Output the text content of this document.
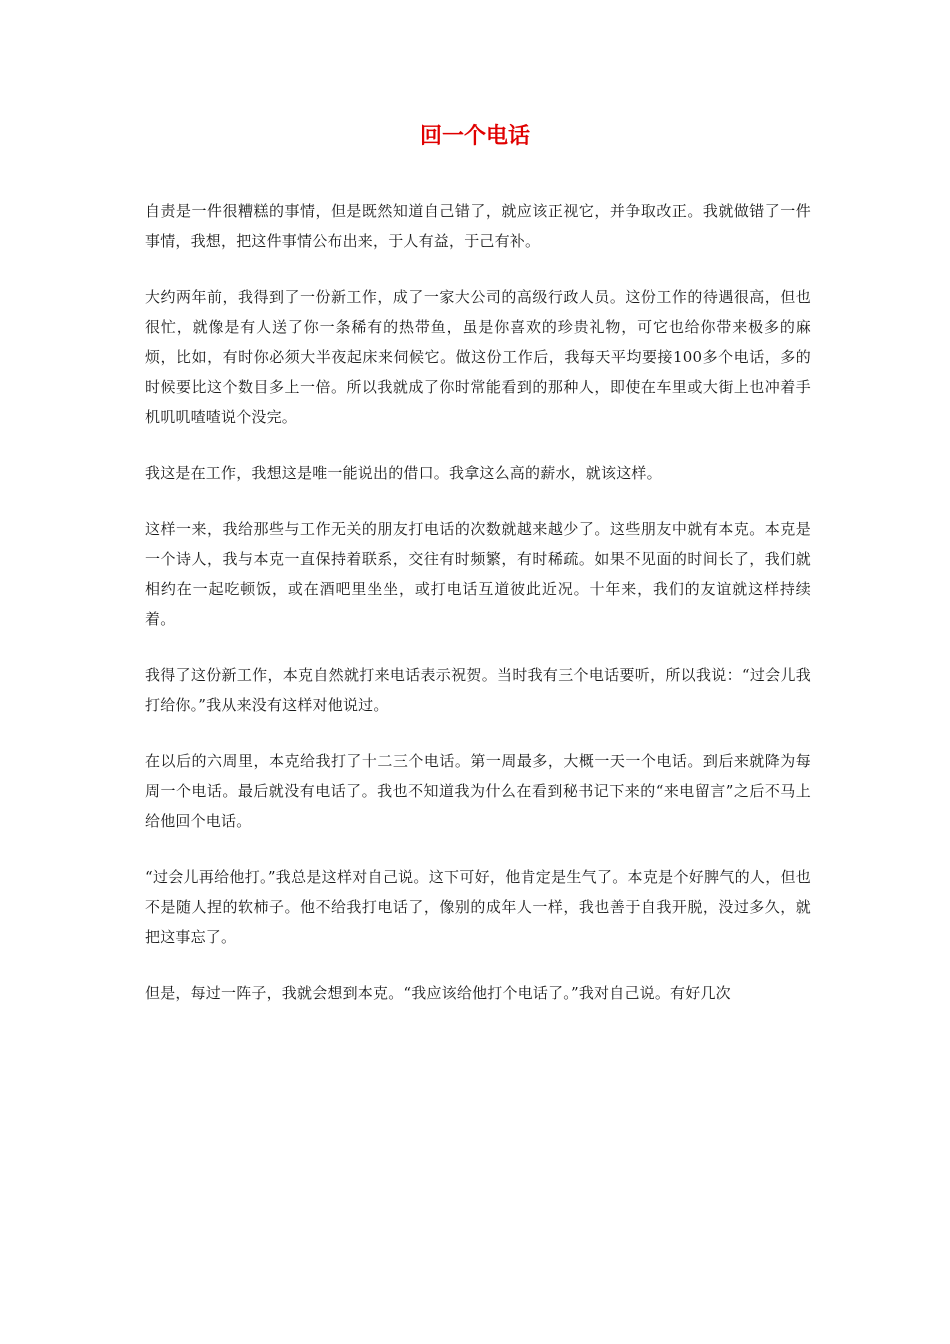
回一个电话

自责是一件很糟糕的事情，但是既然知道自己错了，就应该正视它，并争取改正。我就做错了一件事情，我想，把这件事情公布出来，于人有益，于己有补。

大约两年前，我得到了一份新工作，成了一家大公司的高级行政人员。这份工作的待遇很高，但也很忙，就像是有人送了你一条稀有的热带鱼，虽是你喜欢的珍贵礼物，可它也给你带来极多的麻烦，比如，有时你必须大半夜起床来伺候它。做这份工作后，我每天平均要接100多个电话，多的时候要比这个数目多上一倍。所以我就成了你时常能看到的那种人，即使在车里或大街上也冲着手机叽叽喳喳说个没完。

我这是在工作，我想这是唯一能说出的借口。我拿这么高的薪水，就该这样。

这样一来，我给那些与工作无关的朋友打电话的次数就越来越少了。这些朋友中就有本克。本克是一个诗人，我与本克一直保持着联系，交往有时频繁，有时稀疏。如果不见面的时间长了，我们就相约在一起吃顿饭，或在酒吧里坐坐，或打电话互道彼此近况。十年来，我们的友谊就这样持续着。

我得了这份新工作，本克自然就打来电话表示祝贺。当时我有三个电话要听，所以我说：“过会儿我打给你。”我从来没有这样对他说过。

在以后的六周里，本克给我打了十二三个电话。第一周最多，大概一天一个电话。到后来就降为每周一个电话。最后就没有电话了。我也不知道我为什么在看到秘书记下来的“来电留言”之后不马上给他回个电话。

“过会儿再给他打。”我总是这样对自己说。这下可好，他肯定是生气了。本克是个好脾气的人，但也不是随人捏的软柿子。他不给我打电话了，像别的成年人一样，我也善于自我开脱，没过多久，就把这事忘了。

但是，每过一阵子，我就会想到本克。“我应该给他打个电话了。”我对自己说。有好几次
